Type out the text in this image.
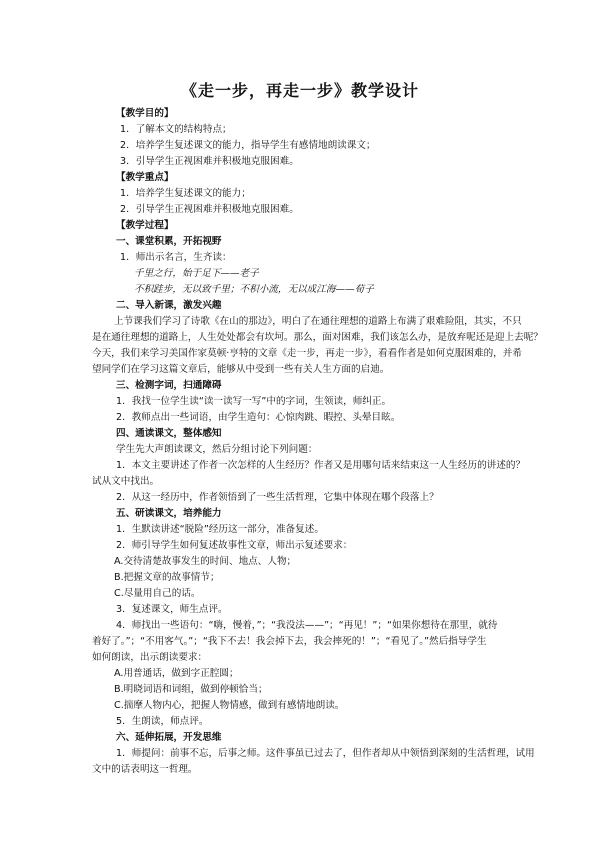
《走一步，再走一步》教学设计
【教学目的】
1．了解本文的结构特点；
2．培养学生复述课文的能力，指导学生有感情地朗读课文；
3．引导学生正视困难并积极地克服困难。
【教学重点】
1．培养学生复述课文的能力；
2．引导学生正视困难并积极地克服困难。
【教学过程】
一、课堂积累，开拓视野
1．师出示名言，生齐读：
千里之行，始于足下——老子
不积跬步，无以致千里；不积小流，无以成江海——荀子
二、导入新课，激发兴趣
上节课我们学习了诗歌《在山的那边》，明白了在通往理想的道路上布满了艰难险阻，其实，不只
是在通往理想的道路上，人生处处都会有坎坷。那么，面对困难，我们该怎么办，是放弃呢还是迎上去呢？
今天，我们来学习美国作家莫顿·亨特的文章《走一步，再走一步》，看看作者是如何克服困难的，并希
望同学们在学习这篇文章后，能够从中受到一些有关人生方面的启迪。
三、检测字词，扫通障碍
1．我找一位学生读“读一读写一写”中的字词，生领读，师纠正。
2．教师点出一些词语，由学生造句：心惊肉跳、暇控、头晕目眩。
四、通读课文，整体感知
学生先大声朗读课文，然后分组讨论下列问题：
1．本文主要讲述了作者一次怎样的人生经历？作者又是用哪句话来结束这一人生经历的讲述的？
试从文中找出。
2．从这一经历中，作者领悟到了一些生活哲理，它集中体现在哪个段落上？
五、研读课文，培养能力
1．生默读讲述“脱险”经历这一部分，准备复述。
2．师引导学生如何复述故事性文章，师出示复述要求：
A.交待清楚故事发生的时间、地点、人物；
B.把握文章的故事情节；
C.尽量用自己的话。
3．复述课文，师生点评。
4．师找出一些语句：“嗨，慢着，”；“我没法——”；“再见！”；“如果你想待在那里，就待
着好了。”；“不用客气。”；“我下不去！我会掉下去，我会摔死的！”；“看见了。”然后指导学生
如何朗读，出示朗读要求：
A.用普通话，做到字正腔圆；
B.明晓词语和词组，做到停顿恰当；
C.揣摩人物内心，把握人物情感，做到有感情地朗读。
5．生朗读，师点评。
六、延伸拓展，开发思维
1．师提问：前事不忘，后事之师。这件事虽已过去了，但作者却从中领悟到深刻的生活哲理，试用
文中的话表明这一哲理。
